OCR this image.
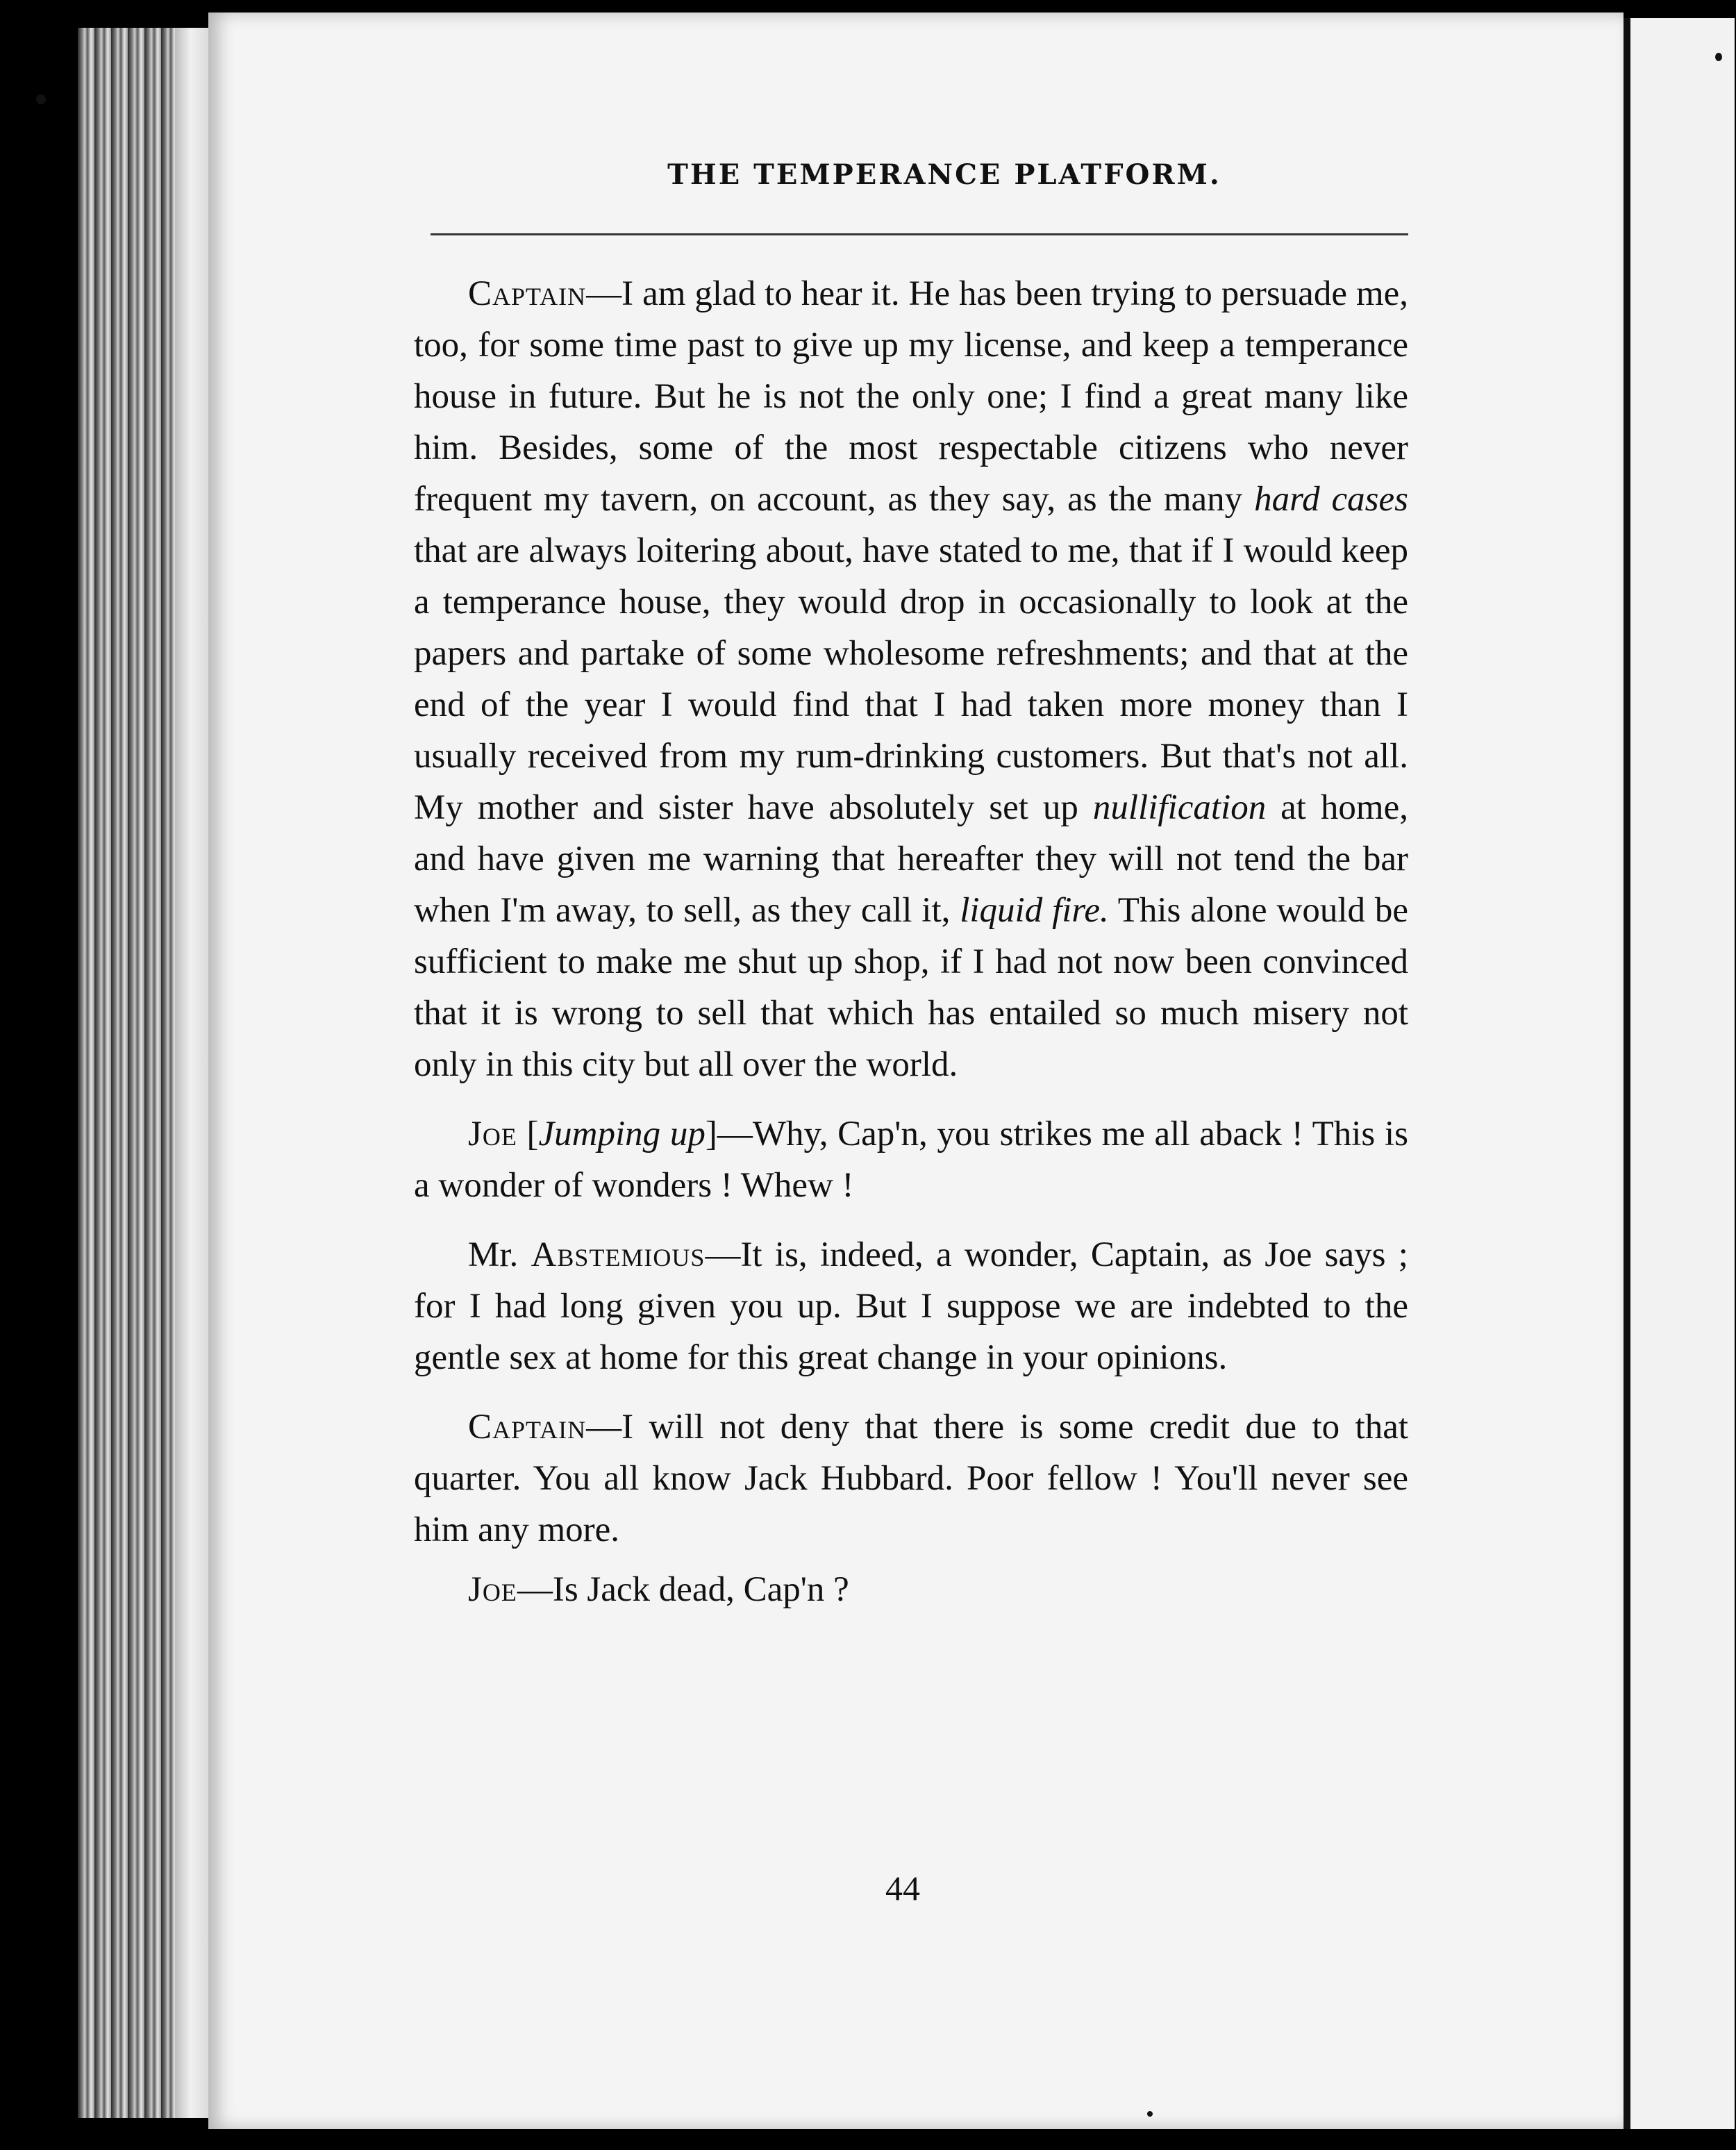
THE TEMPERANCE PLATFORM.

Captain—I am glad to hear it. He has been trying to persuade me, too, for some time past to give up my license, and keep a temperance house in future. But he is not the only one; I find a great many like him. Besides, some of the most respectable citizens who never frequent my tavern, on account, as they say, as the many hard cases that are always loitering about, have stated to me, that if I would keep a temperance house, they would drop in occasionally to look at the papers and partake of some wholesome refreshments; and that at the end of the year I would find that I had taken more money than I usually received from my rum-drinking customers. But that's not all. My mother and sister have absolutely set up nullification at home, and have given me warning that hereafter they will not tend the bar when I'm away, to sell, as they call it, liquid fire. This alone would be sufficient to make me shut up shop, if I had not now been convinced that it is wrong to sell that which has entailed so much misery not only in this city but all over the world.

Joe [Jumping up]—Why, Cap'n, you strikes me all aback ! This is a wonder of wonders ! Whew !

Mr. Abstemious—It is, indeed, a wonder, Captain, as Joe says ; for I had long given you up. But I suppose we are indebted to the gentle sex at home for this great change in your opinions.

Captain—I will not deny that there is some credit due to that quarter. You all know Jack Hubbard. Poor fellow ! You'll never see him any more.

Joe—Is Jack dead, Cap'n ?

44
